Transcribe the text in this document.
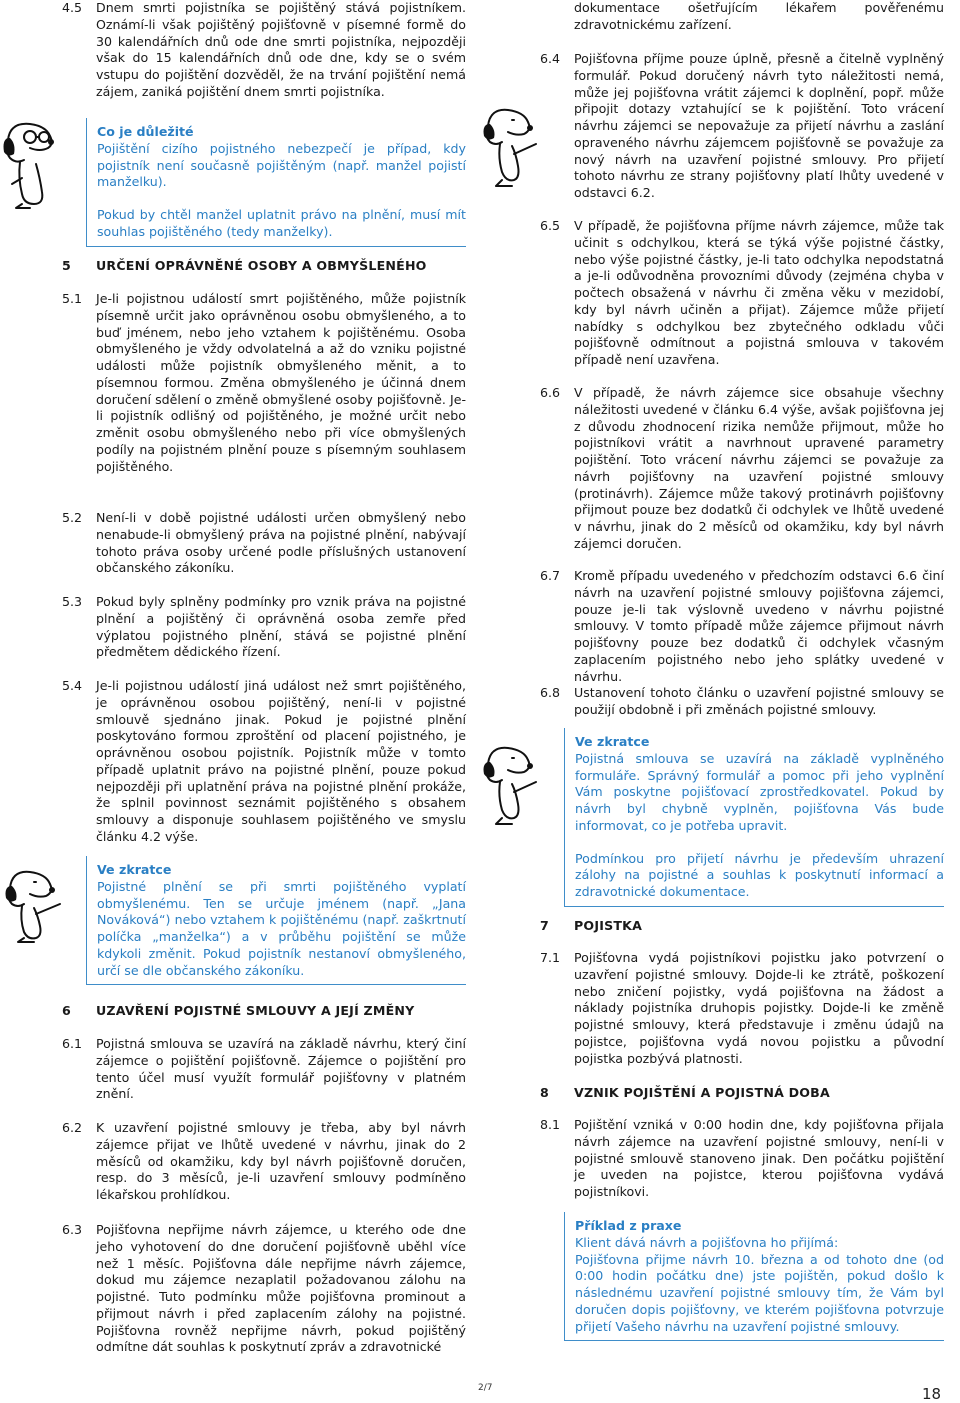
4.5 Dnem smrti pojistníka se pojištěný stává pojistníkem. Oznámí-li však pojištěný pojišťovně v písemné formě do 30 kalendářních dnů ode dne smrti pojistníka, nejpozději však do 15 kalendářních dnů ode dne, kdy se o svém vstupu do pojištění dozvěděl, že na trvání pojištění nemá zájem, zaniká pojištění dnem smrti pojistníka.
Co je důležité
Pojištění cizího pojistného nebezpečí je případ, kdy pojistník není současně pojištěným (např. manžel pojistí manželku).
Pokud by chtěl manžel uplatnit právo na plnění, musí mít souhlas pojištěného (tedy manželky).
5 URČENÍ OPRÁVNĚNÉ OSOBY A OBMYŠLENÉHO
5.1 Je-li pojistnou událostí smrt pojištěného, může pojistník písemně určit jako oprávněnou osobu obmyšleného, a to buď jménem, nebo jeho vztahem k pojištěnému. Osoba obmyšleného je vždy odvolatelná a až do vzniku pojistné události může pojistník obmyšleného měnit, a to písemnou formou. Změna obmyšleného je účinná dnem doručení sdělení o změně obmyšlené osoby pojišťovně. Je-li pojistník odlišný od pojištěného, je možné určit nebo změnit osobu obmyšleného nebo při více obmyšlených podíly na pojistném plnění pouze s písemným souhlasem pojištěného.
5.2 Není-li v době pojistné události určen obmyšlený nebo nenabude-li obmyšlený práva na pojistné plnění, nabývají tohoto práva osoby určené podle příslušných ustanovení občanského zákoníku.
5.3 Pokud byly splněny podmínky pro vznik práva na pojistné plnění a pojištěný či oprávněná osoba zemře před výplatou pojistného plnění, stává se pojistné plnění předmětem dědického řízení.
5.4 Je-li pojistnou událostí jiná událost než smrt pojištěného, je oprávněnou osobou pojištěný, není-li v pojistné smlouvě sjednáno jinak. Pokud je pojistné plnění poskytováno formou zproštění od placení pojistného, je oprávněnou osobou pojistník. Pojistník může v tomto případě uplatnit právo na pojistné plnění, pouze pokud nejpozději při uplatnění práva na pojistné plnění prokáže, že splnil povinnost seznámit pojištěného s obsahem smlouvy a disponuje souhlasem pojištěného ve smyslu článku 4.2 výše.
Ve zkratce
Pojistné plnění se při smrti pojištěného vyplatí obmyšlenému. Ten se určuje jménem (např. „Jana Nováková“) nebo vztahem k pojištěnému (např. zaškrtnutí políčka „manželka“) a v průběhu pojištění se může kdykoli změnit. Pokud pojistník nestanoví obmyšleného, určí se dle občanského zákoníku.
6 UZAVŘENÍ POJISTNÉ SMLOUVY A JEJÍ ZMĚNY
6.1 Pojistná smlouva se uzavírá na základě návrhu, který činí zájemce o pojištění pojišťovně. Zájemce o pojištění pro tento účel musí využít formulář pojišťovny v platném znění.
6.2 K uzavření pojistné smlouvy je třeba, aby byl návrh zájemce přijat ve lhůtě uvedené v návrhu, jinak do 2 měsíců od okamžiku, kdy byl návrh pojišťovně doručen, resp. do 3 měsíců, je-li uzavření smlouvy podmíněno lékařskou prohlídkou.
6.3 Pojišťovna nepřijme návrh zájemce, u kterého ode dne jeho vyhotovení do dne doručení pojišťovně uběhl více než 1 měsíc. Pojišťovna dále nepřijme návrh zájemce, dokud mu zájemce nezaplatil požadovanou zálohu na pojistné. Tuto podmínku může pojišťovna prominout a přijmout návrh i před zaplacením zálohy na pojistné. Pojišťovna rovněž nepřijme návrh, pokud pojištěný odmítne dát souhlas k poskytnutí zpráv a zdravotnické
dokumentace ošetřujícím lékařem pověřenému zdravotnickému zařízení.
6.4 Pojišťovna příjme pouze úplně, přesně a čitelně vyplněný formulář. Pokud doručený návrh tyto náležitosti nemá, může jej pojišťovna vrátit zájemci k doplnění, popř. může připojit dotazy vztahující se k pojištění. Toto vrácení návrhu zájemci se nepovažuje za přijetí návrhu a zaslání opraveného návrhu zájemcem pojišťovně se považuje za nový návrh na uzavření pojistné smlouvy. Pro přijetí tohoto návrhu ze strany pojišťovny platí lhůty uvedené v odstavci 6.2.
6.5 V případě, že pojišťovna příjme návrh zájemce, může tak učinit s odchylkou, která se týká výše pojistné částky, nebo výše pojistné částky, je-li tato odchylka nepodstatná a je-li odůvodněna provozními důvody (zejména chyba v počtech obsažená v návrhu či změna věku v mezidobí, kdy byl návrh učiněn a přijat). Zájemce může přijetí nabídky s odchylkou bez zbytečného odkladu vůči pojišťovně odmítnout a pojistná smlouva v takovém případě není uzavřena.
6.6 V případě, že návrh zájemce sice obsahuje všechny náležitosti uvedené v článku 6.4 výše, avšak pojišťovna jej z důvodu zhodnocení rizika nemůže přijmout, může ho pojistníkovi vrátit a navrhnout upravené parametry pojištění. Toto vrácení návrhu zájemci se považuje za návrh pojišťovny na uzavření pojistné smlouvy (protinávrh). Zájemce může takový protinávrh pojišťovny přijmout pouze bez dodatků či odchylek ve lhůtě uvedené v návrhu, jinak do 2 měsíců od okamžiku, kdy byl návrh zájemci doručen.
6.7 Kromě případu uvedeného v předchozím odstavci 6.6 činí návrh na uzavření pojistné smlouvy pojišťovna zájemci, pouze je-li tak výslovně uvedeno v návrhu pojistné smlouvy. V tomto případě může zájemce přijmout návrh pojišťovny pouze bez dodatků či odchylek včasným zaplacením pojistného nebo jeho splátky uvedené v návrhu.
6.8 Ustanovení tohoto článku o uzavření pojistné smlouvy se použijí obdobně i při změnách pojistné smlouvy.
Ve zkratce
Pojistná smlouva se uzavírá na základě vyplněného formuláře. Správný formulář a pomoc při jeho vyplnění Vám poskytne pojišťovací zprostředkovatel. Pokud by návrh byl chybně vyplněn, pojišťovna Vás bude informovat, co je potřeba upravit.
Podmínkou pro přijetí návrhu je především uhrazení zálohy na pojistné a souhlas k poskytnutí informací a zdravotnické dokumentace.
7 POJISTKA
7.1 Pojišťovna vydá pojistníkovi pojistku jako potvrzení o uzavření pojistné smlouvy. Dojde-li ke ztrátě, poškození nebo zničení pojistky, vydá pojišťovna na žádost a náklady pojistníka druhopis pojistky. Dojde-li ke změně pojistné smlouvy, která představuje i změnu údajů na pojistce, pojišťovna vydá novou pojistku a původní pojistka pozbývá platnosti.
8 VZNIK POJIŠTĚNÍ A POJISTNÁ DOBA
8.1 Pojištění vzniká v 0:00 hodin dne, kdy pojišťovna přijala návrh zájemce na uzavření pojistné smlouvy, není-li v pojistné smlouvě stanoveno jinak. Den počátku pojištění je uveden na pojistce, kterou pojišťovna vydává pojistníkovi.
Příklad z praxe
Klient dává návrh a pojišťovna ho přijímá:
Pojišťovna přijme návrh 10. března a od tohoto dne (od 0:00 hodin počátku dne) jste pojištěn, pokud došlo k následnému uzavření pojistné smlouvy tím, že Vám byl doručen dopis pojišťovny, ve kterém pojišťovna potvrzuje přijetí Vašeho návrhu na uzavření pojistné smlouvy.
2/7	18
